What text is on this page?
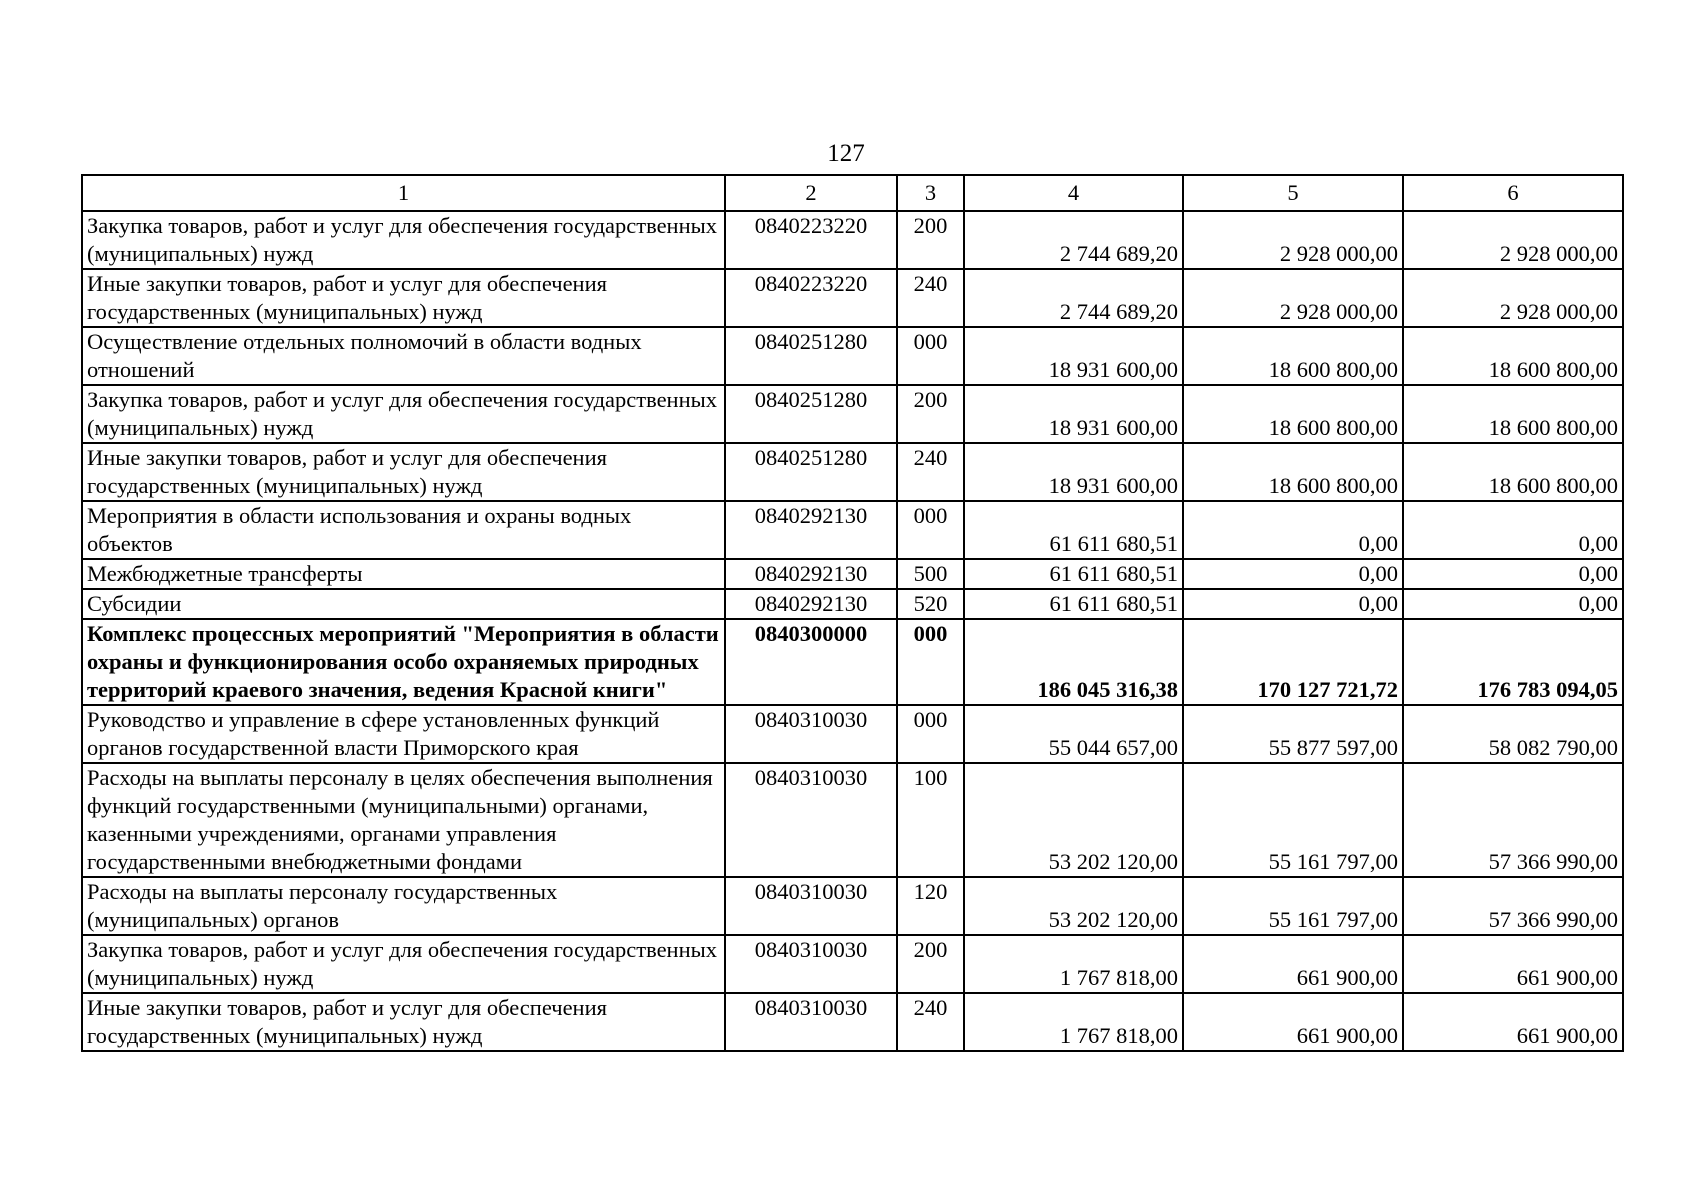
127
1	2	3	4	5	6
Закупка товаров, работ и услуг для обеспечения государственных (муниципальных) нужд	0840223220	200	2 744 689,20	2 928 000,00	2 928 000,00
Иные закупки товаров, работ и услуг для обеспечения государственных (муниципальных) нужд	0840223220	240	2 744 689,20	2 928 000,00	2 928 000,00
Осуществление отдельных полномочий в области водных отношений	0840251280	000	18 931 600,00	18 600 800,00	18 600 800,00
Закупка товаров, работ и услуг для обеспечения государственных (муниципальных) нужд	0840251280	200	18 931 600,00	18 600 800,00	18 600 800,00
Иные закупки товаров, работ и услуг для обеспечения государственных (муниципальных) нужд	0840251280	240	18 931 600,00	18 600 800,00	18 600 800,00
Мероприятия в области использования и охраны водных объектов	0840292130	000	61 611 680,51	0,00	0,00
Межбюджетные трансферты	0840292130	500	61 611 680,51	0,00	0,00
Субсидии	0840292130	520	61 611 680,51	0,00	0,00
Комплекс процессных мероприятий "Мероприятия в области охраны и функционирования особо охраняемых природных территорий краевого значения, ведения Красной книги"	0840300000	000	186 045 316,38	170 127 721,72	176 783 094,05
Руководство и управление в сфере установленных функций органов государственной власти Приморского края	0840310030	000	55 044 657,00	55 877 597,00	58 082 790,00
Расходы на выплаты персоналу в целях обеспечения выполнения функций государственными (муниципальными) органами, казенными учреждениями, органами управления государственными внебюджетными фондами	0840310030	100	53 202 120,00	55 161 797,00	57 366 990,00
Расходы на выплаты персоналу государственных (муниципальных) органов	0840310030	120	53 202 120,00	55 161 797,00	57 366 990,00
Закупка товаров, работ и услуг для обеспечения государственных (муниципальных) нужд	0840310030	200	1 767 818,00	661 900,00	661 900,00
Иные закупки товаров, работ и услуг для обеспечения государственных (муниципальных) нужд	0840310030	240	1 767 818,00	661 900,00	661 900,00
